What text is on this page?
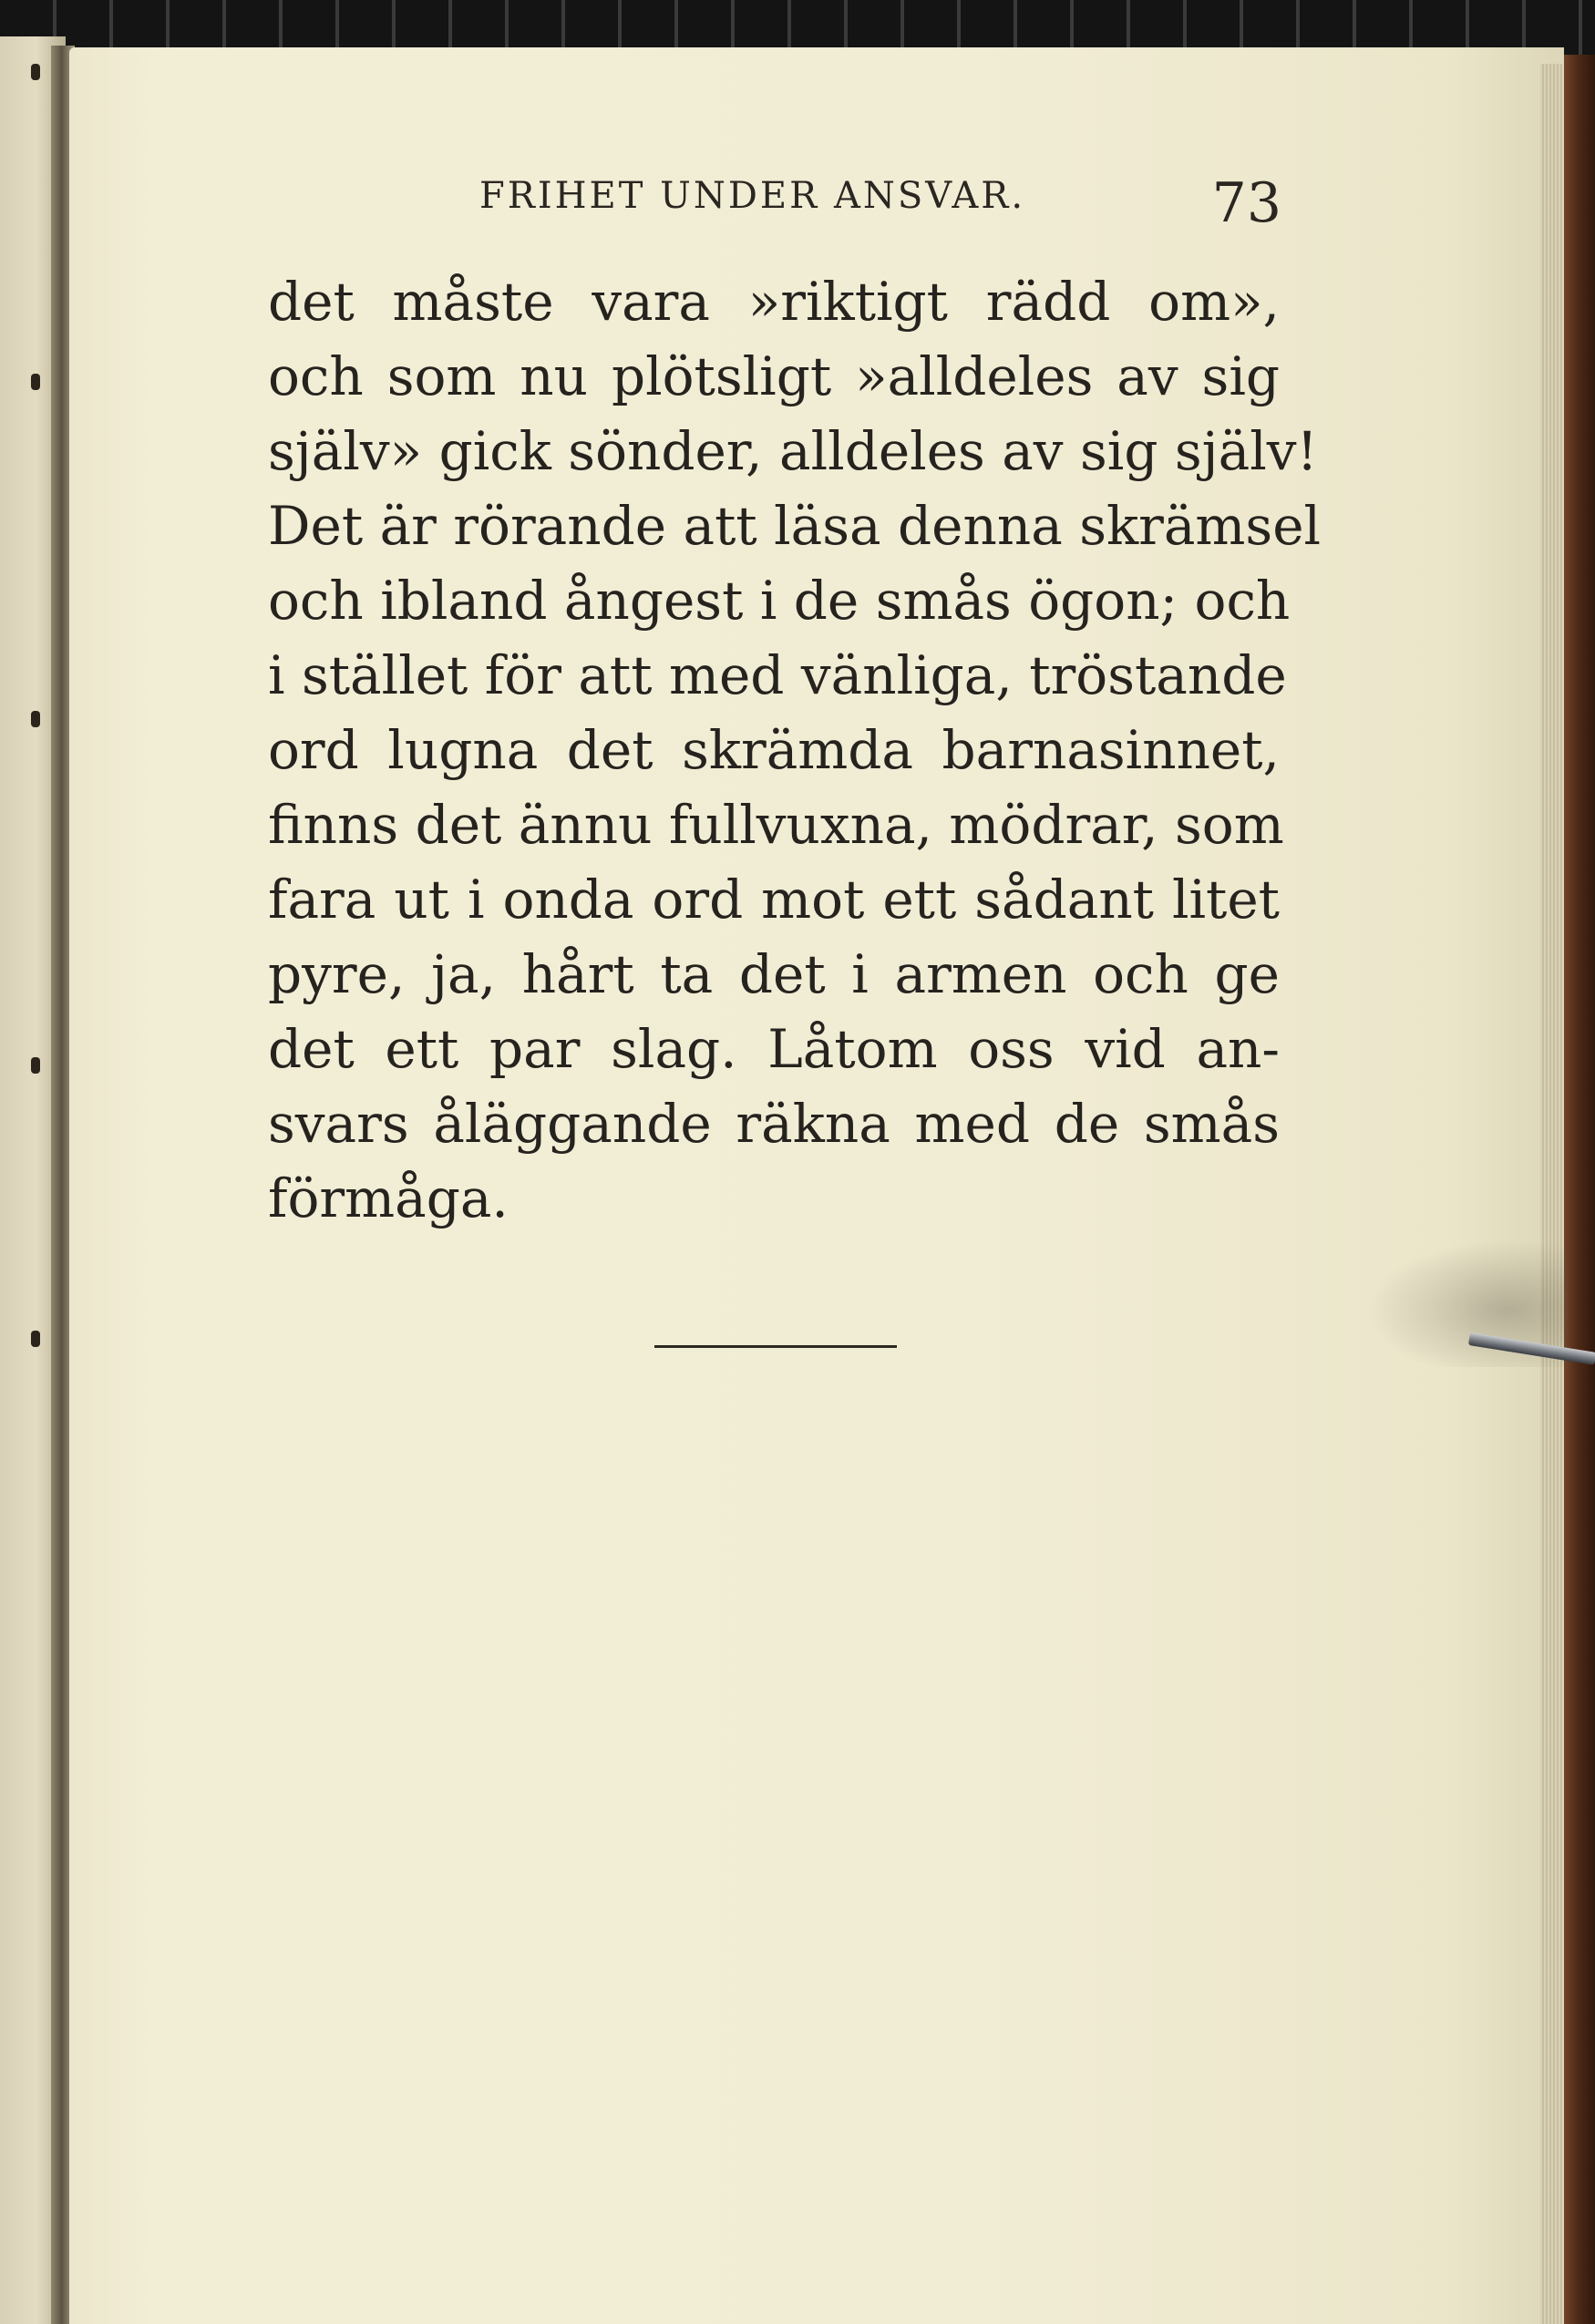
FRIHET UNDER ANSVAR.	73
det måste vara »riktigt rädd om»,
och som nu plötsligt »alldeles av sig
själv» gick sönder, alldeles av sig själv!
Det är rörande att läsa denna skrämsel
och ibland ångest i de smås ögon; och
i stället för att med vänliga, tröstande
ord lugna det skrämda barnasinnet,
finns det ännu fullvuxna, mödrar, som
fara ut i onda ord mot ett sådant litet
pyre, ja, hårt ta det i armen och ge
det ett par slag. Låtom oss vid an-
svars åläggande räkna med de smås
förmåga.
